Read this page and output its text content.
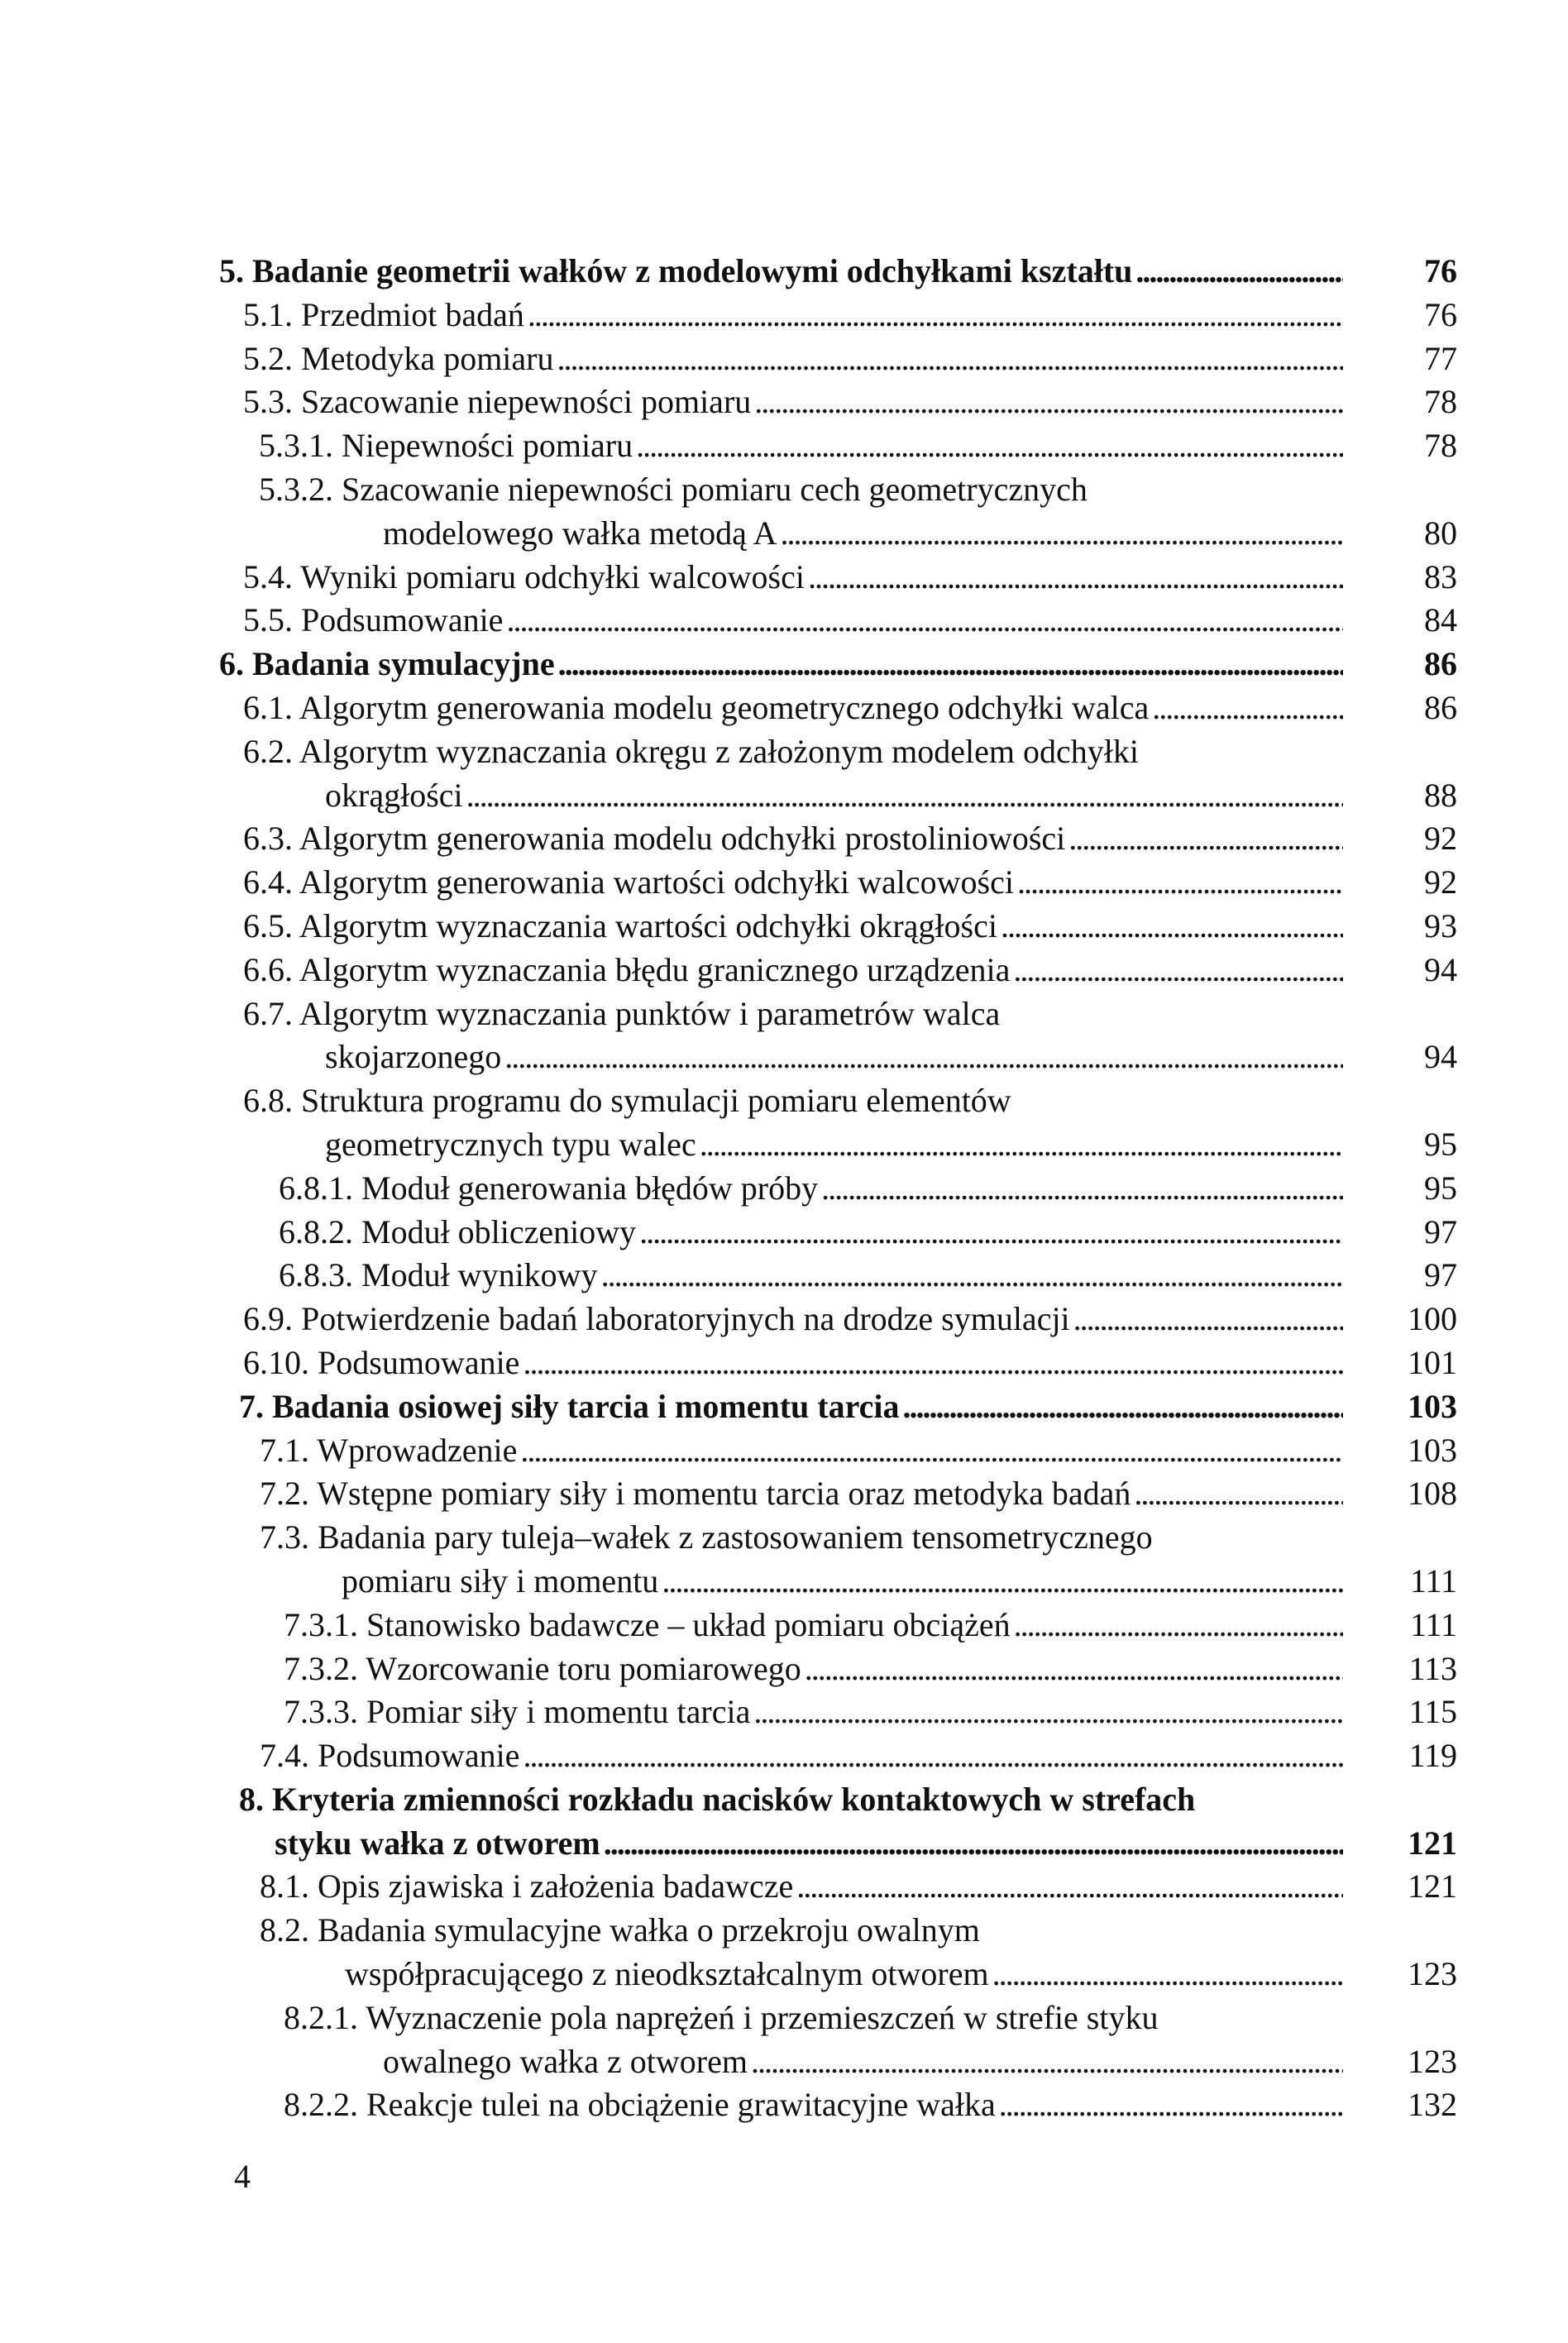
5. Badanie geometrii wałków z modelowymi odchyłkami kształtu . . .	76
5.1. Przedmiot badań . . .	76
5.2. Metodyka pomiaru . . .	77
5.3. Szacowanie niepewności pomiaru . . .	78
5.3.1. Niepewności pomiaru . . .	78
5.3.2. Szacowanie niepewności pomiaru cech geometrycznych
modelowego wałka metodą A . . .	80
5.4. Wyniki pomiaru odchyłki walcowości . . .	83
5.5. Podsumowanie . . .	84
6. Badania symulacyjne . . .	86
6.1. Algorytm generowania modelu geometrycznego odchyłki walca . . .	86
6.2. Algorytm wyznaczania okręgu z założonym modelem odchyłki
okrągłości . . .	88
6.3. Algorytm generowania modelu odchyłki prostoliniowości . . .	92
6.4. Algorytm generowania wartości odchyłki walcowości . . .	92
6.5. Algorytm wyznaczania wartości odchyłki okrągłości . . .	93
6.6. Algorytm wyznaczania błędu granicznego urządzenia . . .	94
6.7. Algorytm wyznaczania punktów i parametrów walca
skojarzonego . . .	94
6.8. Struktura programu do symulacji pomiaru elementów
geometrycznych typu walec . . .	95
6.8.1. Moduł generowania błędów próby . . .	95
6.8.2. Moduł obliczeniowy . . .	97
6.8.3. Moduł wynikowy . . .	97
6.9. Potwierdzenie badań laboratoryjnych na drodze symulacji . . .	100
6.10. Podsumowanie . . .	101
7. Badania osiowej siły tarcia i momentu tarcia . . .	103
7.1. Wprowadzenie . . .	103
7.2. Wstępne pomiary siły i momentu tarcia oraz metodyka badań . . .	108
7.3. Badania pary tuleja–wałek z zastosowaniem tensometrycznego
pomiaru siły i momentu . . .	111
7.3.1. Stanowisko badawcze – układ pomiaru obciążeń . . .	111
7.3.2. Wzorcowanie toru pomiarowego . . .	113
7.3.3. Pomiar siły i momentu tarcia . . .	115
7.4. Podsumowanie . . .	119
8. Kryteria zmienności rozkładu nacisków kontaktowych w strefach
styku wałka z otworem . . .	121
8.1. Opis zjawiska i założenia badawcze . . .	121
8.2. Badania symulacyjne wałka o przekroju owalnym
współpracującego z nieodkształcalnym otworem . . .	123
8.2.1. Wyznaczenie pola naprężeń i przemieszczeń w strefie styku
owalnego wałka z otworem . . .	123
8.2.2. Reakcje tulei na obciążenie grawitacyjne wałka . . .	132
4
